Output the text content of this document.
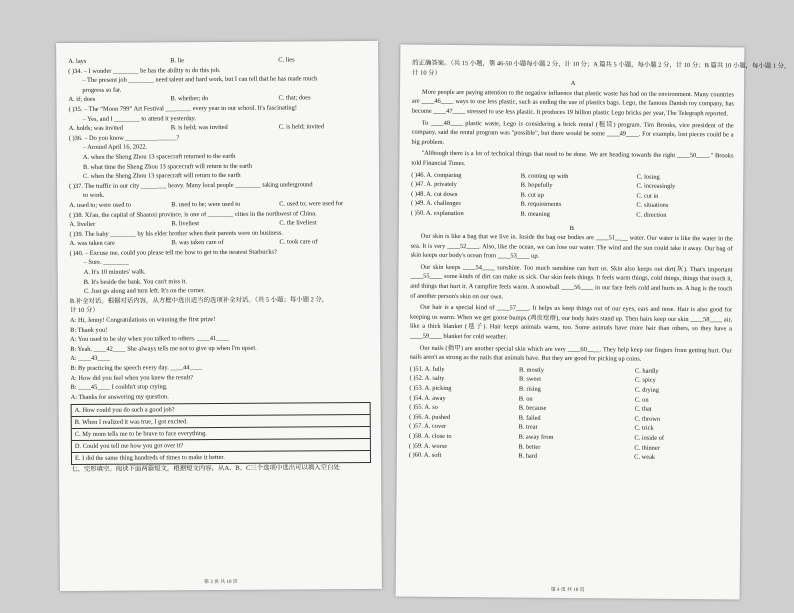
A. lays	B. lie	C. lies
( )34. – I wonder ________ he has the ability to do this job.
– The present job ________ need talent and hard work, but I can tell that he has made much
progress so far.
A. if; does	B. whether; do	C. that; does
( )35. – The “Moon 799” Art Festival ________ every year in our school. It's fascinating!
– Yes, and I ________ to attend it yesterday.
A. holds; was invited	B. is held; was invited	C. is held; invited
( )36. – Do you know ________________?
– Around April 16, 2022.
A. when the Sheng Zhou 13 spacecraft returned to the earth
B. what time the Sheng Zhou 13 spacecraft will return to the earth
C. when the Sheng Zhou 13 spacecraft will return to the earth
( )37. The traffic in our city ________ heavy. Many local people ________ taking underground
to work.
A. used to; were used to	B. used to be; were used to	C. used to; were used for
( )38. Xi'an, the capital of Shaanxi province, is one of ________ cities in the northwest of China.
A. livelier	B. liveliest	C. the liveliest
( )39. The baby ________ by his elder brother when their parents were on business.
A. was taken care	B. was taken care of	C. took care of
( )40. – Excuse me, could you please tell me how to get to the nearest Starbucks?
– Sure. ________
A. It's 10 minutes' walk.
B. It's beside the bank. You can't miss it.
C. Just go along and turn left. It's on the corner.
B.补全对话。根据对话内容，从方框中选出适当的选项补全对话。（共 5 小题；每小题 2 分，
计 10 分）
A: Hi, Jenny! Congratulations on winning the first prize!
B: Thank you!
A: You used to be shy when you talked to others. ____41____
B: Yeah. ____42____ She always tells me not to give up when I'm upset.
A: ____43____
B: By practicing the speech every day. ____44____
A: How did you feel when you knew the result?
B: ____45____ I couldn't stop crying.
A: Thanks for answering my question.
A. How could you do such a good job?
B. When I realized it was true, I got excited.
C. My mom tells me to be brave to face everything.
D. Could you tell me how you got over it?
E. I did the same thing hundreds of times to make it better.
七、完形填空。阅读下面两篇短文，根据短文内容，从A、B、C三个选项中选出可以填入空白处
第 3 页 共 10 页
的正确答案。（共 15 小题，第 46-50 小题每小题 2 分，计 10 分；A 篇共 5 小题，每小题 2 分，计 10 分；B 篇共 10 小题，每小题 1 分，
计 10 分）
A

More people are paying attention to the negative influence that plastic waste has had on the environment. Many countries are ____46____ ways to use less plastic, such as ending the use of plastics bags. Lego, the famous Danish toy company, has become ____47____ stressed to use less plastic. It produces 19 billion plastic Lego bricks per year, The Telegraph reported.

To ____48____ plastic waste, Lego is considering a brick rental (租赁) program. Tim Brooks, vice president of the company, said the rental program was "possible", but there would be some ____49____. For example, lost pieces could be a big problem.

"Although there is a lot of technical things that need to be done. We are heading towards the right ____50____." Brooks told Financial Times.

( )46. A. comparing	B. coming up with	C. losing
( )47. A. privately	B. hopefully	C. increasingly
( )48. A. cut down	B. cut up	C. cut in
( )49. A. challenges	B. requirements	C. situations
( )50. A. explanation	B. meaning	C. direction
B

Our skin is like a bag that we live in. Inside the bag our bodies are ____51____ water. Our water is like the water in the sea. It is very ____52____. Also, like the ocean, we can lose our water. The wind and the sun could take it away. Our bag of skin keeps our body's ocean from ____53____ up.

Our skin keeps ____54____ sunshine. Too much sunshine can hurt us. Skin also keeps out dirt(灰). That's important ____55____ some kinds of dirt can make us sick. Our skin feels things. It feels warm things, cold things, things that touch it, and things that hurt it. A campfire feels warm. A snowball ____56____ in our face feels cold and hurts us. A hug is the touch of another person's skin on our own.

Our hair is a special kind of ____57____. It helps us keep things out of our eyes, ears and nose. Hair is also good for keeping us warm. When we get goose bumps (鸡皮疙瘩), our body hairs stand up. Then hairs keep our skin ____58____ air, like a thick blanket (毯子). Hair keeps animals warm, too. Some animals have more hair than others, so they have a ____59____ blanket for cold weather.

Our nails (指甲) are another special skin which are very ____60____. They help keep our fingers from getting hurt. Our nails aren't as strong as the nails that animals have. But they are good for picking up coins.

( )51. A. fully	B. mostly	C. hardly
( )52. A. salty	B. sweet	C. spicy
( )53. A. picking	B. rising	C. drying
( )54. A. away	B. on	C. on
( )55. A. so	B. because	C. that
( )56. A. pushed	B. failed	C. thrown
( )57. A. cover	B. treat	C. trick
( )58. A. close to	B. away from	C. inside of
( )59. A. worse	B. better	C. thinner
( )60. A. soft	B. hard	C. weak
第 4 页 共 10 页
